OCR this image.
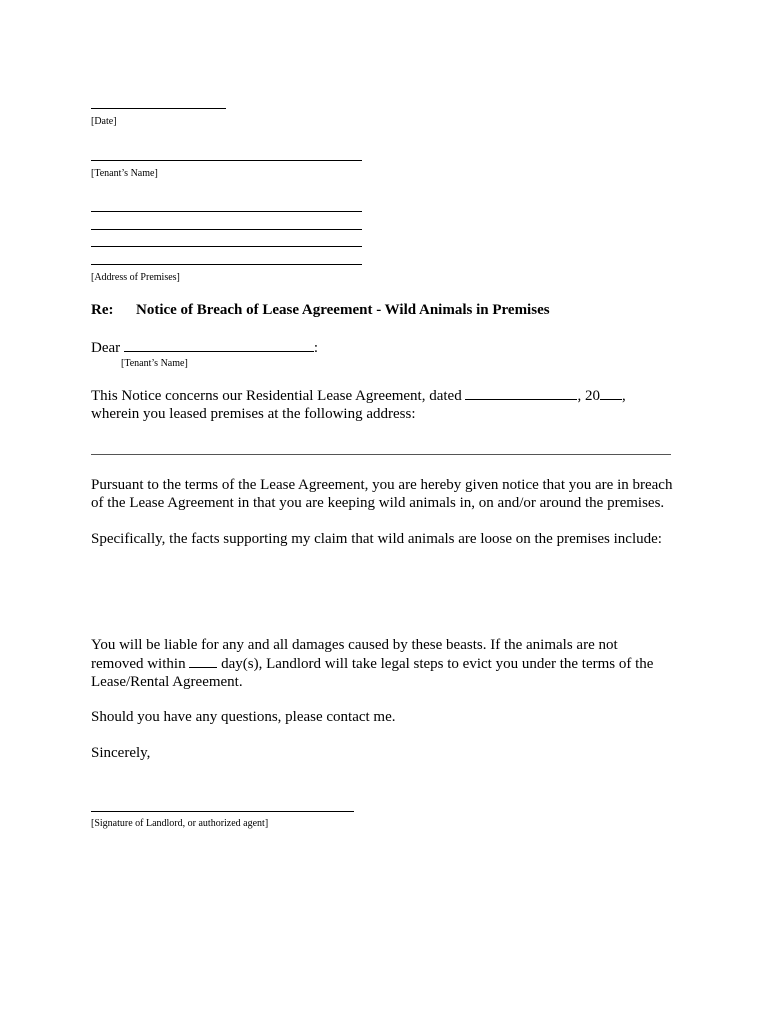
[Date]
[Tenant’s Name]
[Address of Premises]
Re: Notice of Breach of Lease Agreement - Wild Animals in Premises
Dear	:
[Tenant’s Name]
This Notice concerns our Residential Lease Agreement, dated	, 20 ,
wherein you leased premises at the following address:
Pursuant to the terms of the Lease Agreement, you are hereby given notice that you are in breach
of the Lease Agreement in that you are keeping wild animals in, on and/or around the premises.
Specifically, the facts supporting my claim that wild animals are loose on the premises include:
You will be liable for any and all damages caused by these beasts. If the animals are not
removed within day(s), Landlord will take legal steps to evict you under the terms of the
Lease/Rental Agreement.
Should you have any questions, please contact me.
Sincerely,
[Signature of Landlord, or authorized agent]
